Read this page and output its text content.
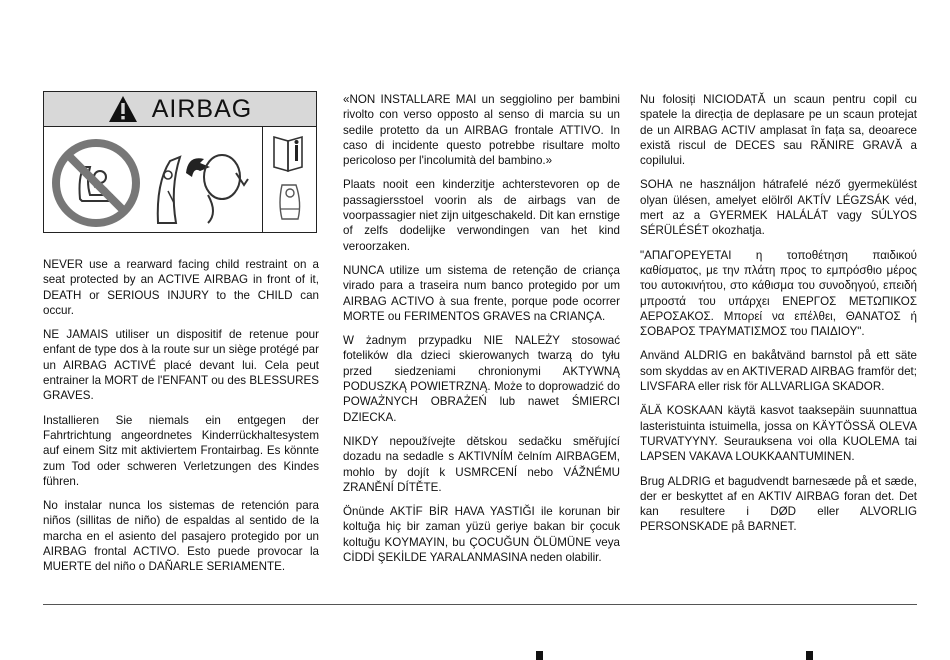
AIRBAG

NEVER use a rearward facing child restraint on a seat protected by an ACTIVE AIRBAG in front of it, DEATH or SERIOUS INJURY to the CHILD can occur.

NE JAMAIS utiliser un dispositif de retenue pour enfant de type dos à la route sur un siège protégé par un AIRBAG ACTIVÉ placé devant lui. Cela peut entrainer la MORT de l'ENFANT ou des BLESSURES GRAVES.

Installieren Sie niemals ein entgegen der Fahrtrichtung angeordnetes Kinderrückhaltesystem auf einem Sitz mit aktiviertem Frontairbag. Es könnte zum Tod oder schweren Verletzungen des Kindes führen.

No instalar nunca los sistemas de retención para niños (sillitas de niño) de espaldas al sentido de la marcha en el asiento del pasajero protegido por un AIRBAG frontal ACTIVO. Esto puede provocar la MUERTE del niño o DAÑARLE SERIAMENTE.

«NON INSTALLARE MAI un seggiolino per bambini rivolto con verso opposto al senso di marcia su un sedile protetto da un AIRBAG frontale ATTIVO. In caso di incidente questo potrebbe risultare molto pericoloso per l'incolumità del bambino.»

Plaats nooit een kinderzitje achterstevoren op de passagiersstoel voorin als de airbags van de voorpassagier niet zijn uitgeschakeld. Dit kan ernstige of zelfs dodelijke verwondingen van het kind veroorzaken.

NUNCA utilize um sistema de retenção de criança virado para a traseira num banco protegido por um AIRBAG ACTIVO à sua frente, porque pode ocorrer MORTE ou FERIMENTOS GRAVES na CRIANÇA.

W żadnym przypadku NIE NALEŻY stosować fotelików dla dzieci skierowanych twarzą do tyłu przed siedzeniami chronionymi AKTYWNĄ PODUSZKĄ POWIETRZNĄ. Może to doprowadzić do POWAŻNYCH OBRAŻEŃ lub nawet ŚMIERCI DZIECKA.

NIKDY nepoužívejte dětskou sedačku směřující dozadu na sedadle s AKTIVNÍM čelním AIRBAGEM, mohlo by dojít k USMRCENÍ nebo VÁŽNÉMU ZRANĚNÍ DÍTĚTE.

Önünde AKTİF BİR HAVA YASTIĞI ile korunan bir koltuğa hiç bir zaman yüzü geriye bakan bir çocuk koltuğu KOYMAYIN, bu ÇOCUĞUN ÖLÜMÜNE veya CİDDİ ŞEKİLDE YARALANMASINA neden olabilir.

Nu folosiți NICIODATĂ un scaun pentru copil cu spatele la direcția de deplasare pe un scaun protejat de un AIRBAG ACTIV amplasat în fața sa, deoarece există riscul de DECES sau RĂNIRE GRAVĂ a copilului.

SOHA ne használjon hátrafelé néző gyermekülést olyan ülésen, amelyet elölről AKTÍV LÉGZSÁK véd, mert az a GYERMEK HALÁLÁT vagy SÚLYOS SÉRÜLÉSÉT okozhatja.

"ΑΠΑΓΟΡΕΥΕΤΑΙ η τοποθέτηση παιδικού καθίσματος, με την πλάτη προς το εμπρόσθιο μέρος του αυτοκινήτου, στο κάθισμα του συνοδηγού, επειδή μπροστά του υπάρχει ΕΝΕΡΓΟΣ ΜΕΤΩΠΙΚΟΣ ΑΕΡΟΣΑΚΟΣ. Μπορεί να επέλθει, ΘΑΝΑΤΟΣ ή ΣΟΒΑΡΟΣ ΤΡΑΥΜΑΤΙΣΜΟΣ του ΠΑΙΔΙΟΥ".

Använd ALDRIG en bakåtvänd barnstol på ett säte som skyddas av en AKTIVERAD AIRBAG framför det; LIVSFARA eller risk för ALLVARLIGA SKADOR.

ÄLÄ KOSKAAN käytä kasvot taaksepäin suunnattua lasteristuinta istuimella, jossa on KÄYTÖSSÄ OLEVA TURVATYYNY. Seurauksena voi olla KUOLEMA tai LAPSEN VAKAVA LOUKKAANTUMINEN.

Brug ALDRIG et bagudvendt barnesæde på et sæde, der er beskyttet af en AKTIV AIRBAG foran det. Det kan resultere i DØD eller ALVORLIG PERSONSKADE på BARNET.
